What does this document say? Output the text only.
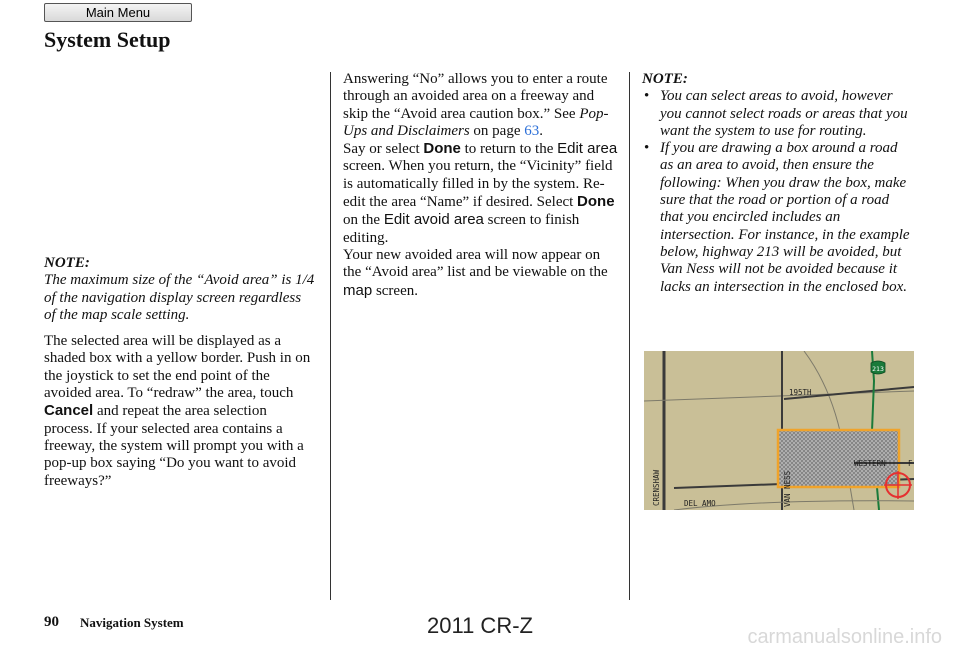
Main Menu
System Setup

NOTE:

The maximum size of the “Avoid area” is 1/4 of the navigation display screen regardless of the map scale setting.

The selected area will be displayed as a shaded box with a yellow border. Push in on the joystick to set the end point of the avoided area. To “redraw” the area, touch Cancel and repeat the area selection process. If your selected area contains a freeway, the system will prompt you with a pop-up box saying “Do you want to avoid freeways?”

Answering “No” allows you to enter a route through an avoided area on a freeway and skip the “Avoid area caution box.” See Pop-Ups and Disclaimers on page 63.

Say or select Done to return to the Edit area screen. When you return, the “Vicinity” field is automatically filled in by the system. Re-edit the area “Name” if desired. Select Done on the Edit avoid area screen to finish editing.

Your new avoided area will now appear on the “Avoid area” list and be viewable on the map screen.

NOTE:

• You can select areas to avoid, however you cannot select roads or areas that you want the system to use for routing.
• If you are drawing a box around a road as an area to avoid, then ensure the following: When you draw the box, make sure that the road or portion of a road that you encircled includes an intersection. For instance, in the example below, highway 213 will be avoided, but Van Ness will not be avoided because it lacks an intersection in the enclosed box.
213
195TH
WESTERN	F
DEL AMO
CRENSHAW	VAN NESS
90 Navigation System	2011 CR-Z	carmanualsonline.info
